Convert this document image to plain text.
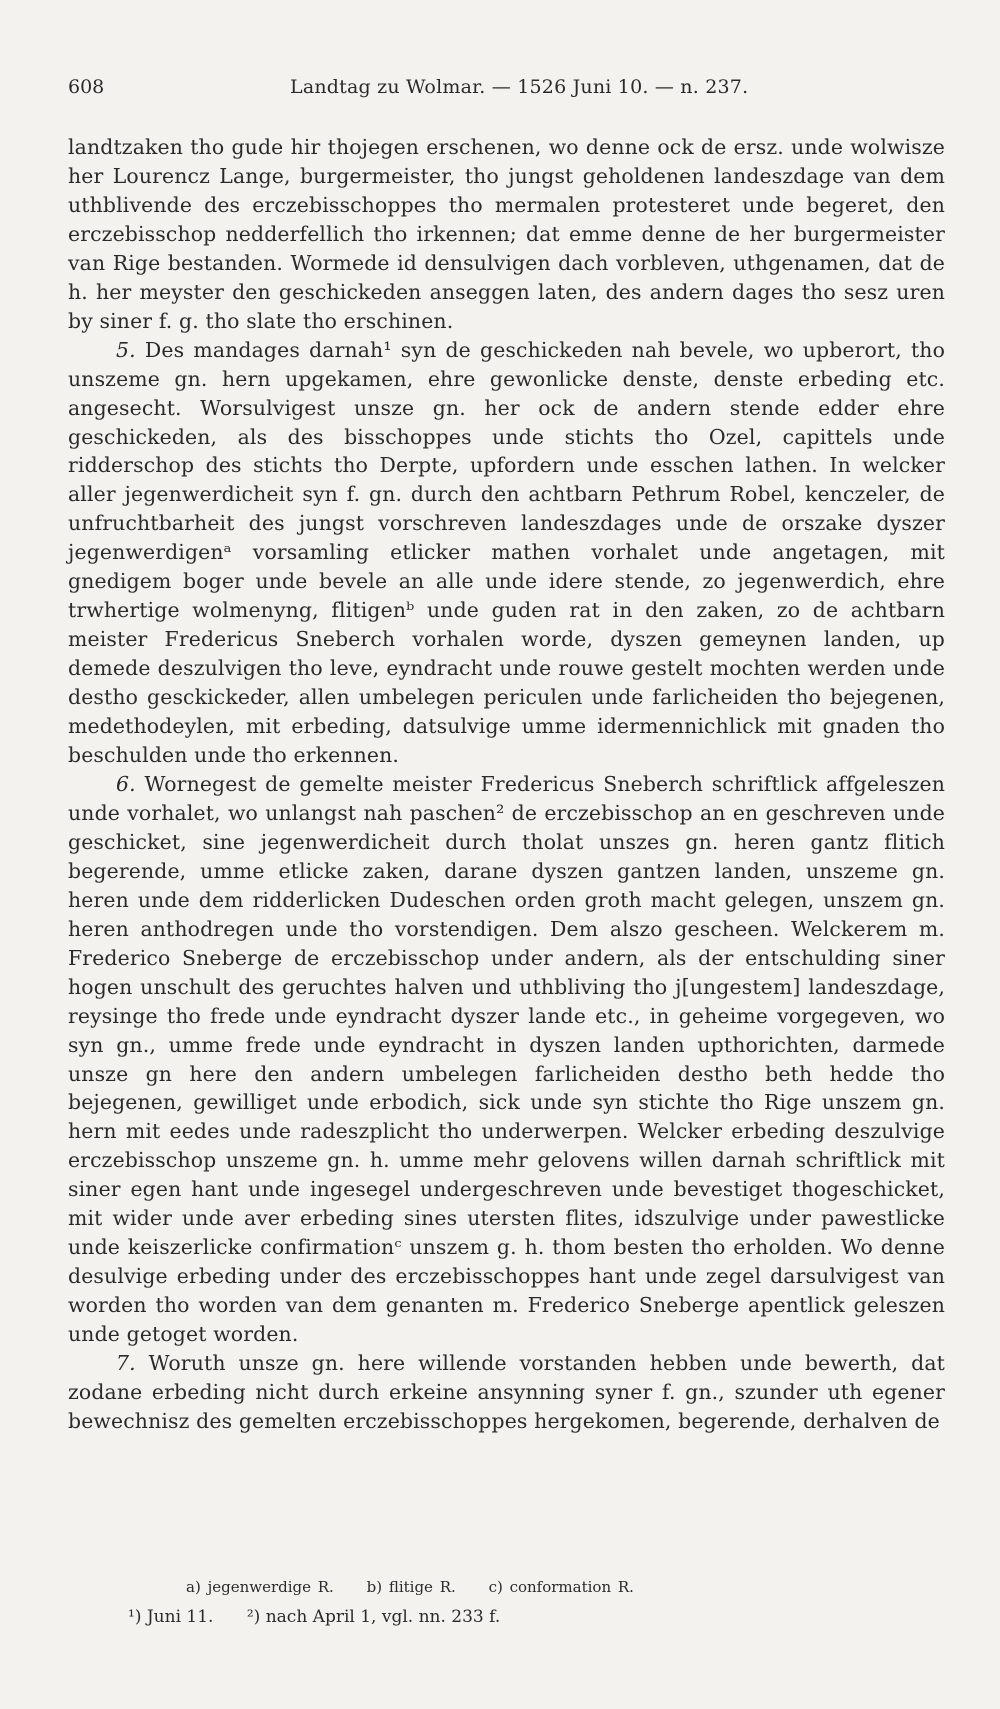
608	Landtag zu Wolmar. — 1526 Juni 10. — n. 237.

landtzaken tho gude hir thojegen erschenen, wo denne ock de ersz. unde wolwisze her Lourencz Lange, burgermeister, tho jungst geholdenen landeszdage van dem uthblivende des erczebisschoppes tho mermalen protesteret unde begeret, den erczebisschop nedderfellich tho irkennen; dat emme denne de her burgermeister van Rige bestanden. Wormede id densulvigen dach vorbleven, uthgenamen, dat de h. her meyster den geschickeden anseggen laten, des andern dages tho sesz uren by siner f. g. tho slate tho erschinen.

5. Des mandages darnah¹ syn de geschickeden nah bevele, wo upberort, tho unszeme gn. hern upgekamen, ehre gewonlicke denste, denste erbeding etc. angesecht. Worsulvigest unsze gn. her ock de andern stende edder ehre geschickeden, als des bisschoppes unde stichts tho Ozel, capittels unde ridderschop des stichts tho Derpte, upfordern unde esschen lathen. In welcker aller jegenwerdicheit syn f. gn. durch den achtbarn Pethrum Robel, kenczeler, de unfruchtbarheit des jungst vorschreven landeszdages unde de orszake dyszer jegenwerdigenᵃ vorsamling etlicker mathen vorhalet unde angetagen, mit gnedigem boger unde bevele an alle unde idere stende, zo jegenwerdich, ehre trwhertige wolmenyng, flitigenᵇ unde guden rat in den zaken, zo de achtbarn meister Fredericus Sneberch vorhalen worde, dyszen gemeynen landen, up demede deszulvigen tho leve, eyndracht unde rouwe gestelt mochten werden unde destho gesckickeder, allen umbelegen periculen unde farlicheiden tho bejegenen, medethodeylen, mit erbeding, datsulvige umme idermennichlick mit gnaden tho beschulden unde tho erkennen.

6. Wornegest de gemelte meister Fredericus Sneberch schriftlick affgeleszen unde vorhalet, wo unlangst nah paschen² de erczebisschop an en geschreven unde geschicket, sine jegenwerdicheit durch tholat unszes gn. heren gantz flitich begerende, umme etlicke zaken, darane dyszen gantzen landen, unszeme gn. heren unde dem ridderlicken Dudeschen orden groth macht gelegen, unszem gn. heren anthodregen unde tho vorstendigen. Dem alszo gescheen. Welckerem m. Frederico Sneberge de erczebisschop under andern, als der entschulding siner hogen unschult des geruchtes halven und uthbliving tho j[ungestem] landeszdage, reysinge tho frede unde eyndracht dyszer lande etc., in geheime vorgegeven, wo syn gn., umme frede unde eyndracht in dyszen landen upthorichten, darmede unsze gn here den andern umbelegen farlicheiden destho beth hedde tho bejegenen, gewilliget unde erbodich, sick unde syn stichte tho Rige unszem gn. hern mit eedes unde radeszplicht tho underwerpen. Welcker erbeding deszulvige erczebisschop unszeme gn. h. umme mehr gelovens willen darnah schriftlick mit siner egen hant unde ingesegel undergeschreven unde bevestiget thogeschicket, mit wider unde aver erbeding sines utersten flites, idszulvige under pawestlicke unde keiszerlicke confirmationᶜ unszem g. h. thom besten tho erholden. Wo denne desulvige erbeding under des erczebisschoppes hant unde zegel darsulvigest van worden tho worden van dem genanten m. Frederico Sneberge apentlick geleszen unde getoget worden.

7. Woruth unsze gn. here willende vorstanden hebben unde bewerth, dat zodane erbeding nicht durch erkeine ansynning syner f. gn., szunder uth egener bewechnisz des gemelten erczebisschoppes hergekomen, begerende, derhalven de

a) jegenwerdige R. b) flitige R. c) conformation R.
¹) Juni 11. ²) nach April 1, vgl. nn. 233 f.
